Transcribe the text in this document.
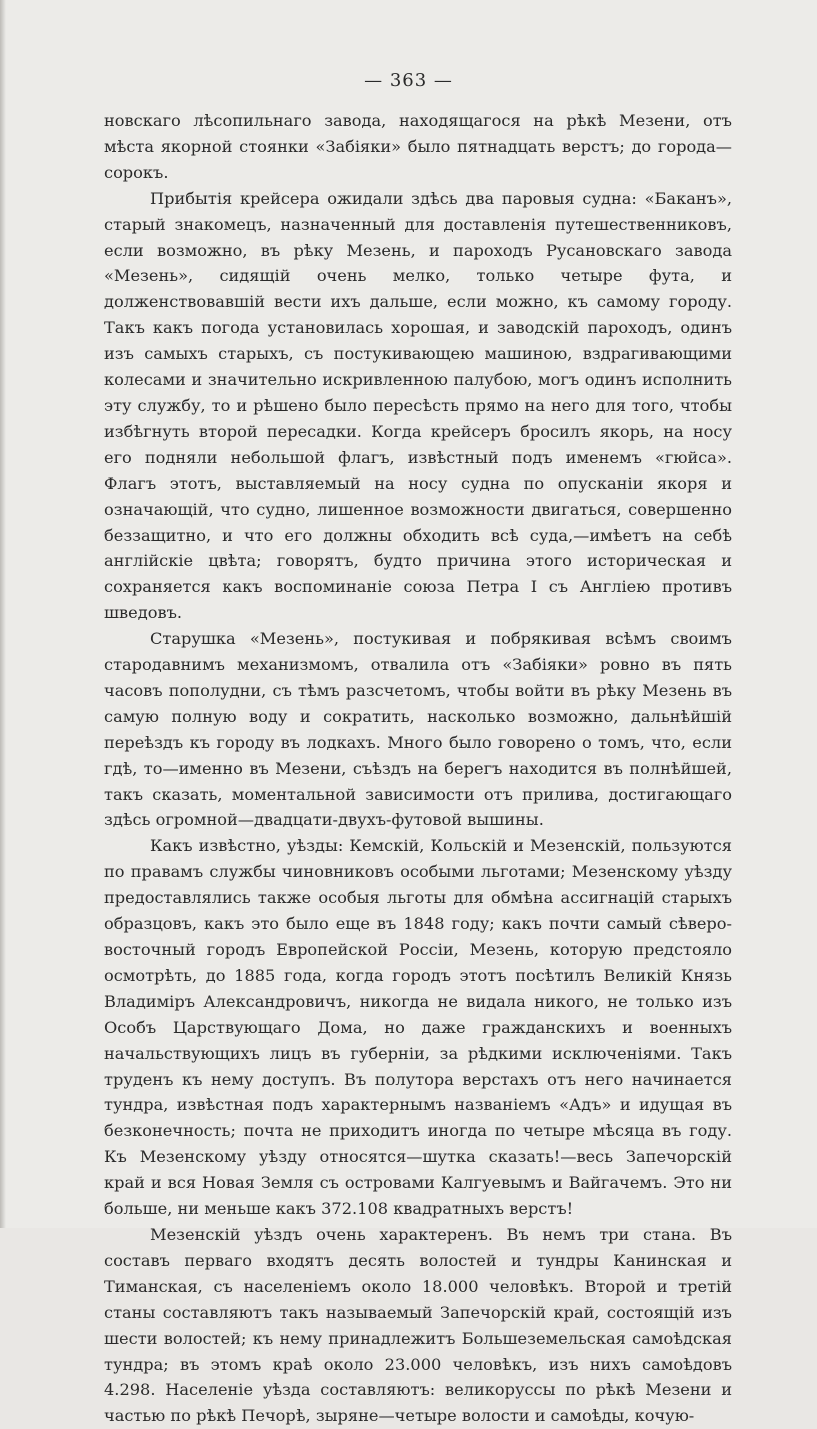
— 363 —

новскаго лѣсопильнаго завода, находящагося на рѣкѣ Мезени, отъ мѣста якорной стоянки «Забіяки» было пятнадцать верстъ; до города—сорокъ.

Прибытія крейсера ожидали здѣсь два паровыя судна: «Баканъ», старый знакомецъ, назначенный для доставленія путешественниковъ, если возможно, въ рѣку Мезень, и пароходъ Русановскаго завода «Мезень», сидящій очень мелко, только четыре фута, и долженствовавшій вести ихъ дальше, если можно, къ самому городу. Такъ какъ погода установилась хорошая, и заводскій пароходъ, одинъ изъ самыхъ старыхъ, съ постукивающею машиною, вздрагивающими колесами и значительно искривленною палубою, могъ одинъ исполнить эту службу, то и рѣшено было пересѣсть прямо на него для того, чтобы избѣгнуть второй пересадки. Когда крейсеръ бросилъ якорь, на носу его подняли небольшой флагъ, извѣстный подъ именемъ «гюйса». Флагъ этотъ, выставляемый на носу судна по опусканіи якоря и означающій, что судно, лишенное возможности двигаться, совершенно беззащитно, и что его должны обходить всѣ суда,—имѣетъ на себѣ англійскіе цвѣта; говорятъ, будто причина этого историческая и сохраняется какъ воспоминаніе союза Петра I съ Англіею противъ шведовъ.

Старушка «Мезень», постукивая и побрякивая всѣмъ своимъ стародавнимъ механизмомъ, отвалила отъ «Забіяки» ровно въ пять часовъ пополудни, съ тѣмъ разсчетомъ, чтобы войти въ рѣку Мезень въ самую полную воду и сократить, насколько возможно, дальнѣйшій переѣздъ къ городу въ лодкахъ. Много было говорено о томъ, что, если гдѣ, то—именно въ Мезени, съѣздъ на берегъ находится въ полнѣйшей, такъ сказать, моментальной зависимости отъ прилива, достигающаго здѣсь огромной—двадцати-двухъ-футовой вышины.

Какъ извѣстно, уѣзды: Кемскій, Кольскій и Мезенскій, пользуются по правамъ службы чиновниковъ особыми льготами; Мезенскому уѣзду предоставлялись также особыя льготы для обмѣна ассигнацій старыхъ образцовъ, какъ это было еще въ 1848 году; какъ почти самый сѣверо-восточный городъ Европейской Россіи, Мезень, которую предстояло осмотрѣть, до 1885 года, когда городъ этотъ посѣтилъ Великій Князь Владиміръ Александровичъ, никогда не видала никого, не только изъ Особъ Царствующаго Дома, но даже гражданскихъ и военныхъ начальствующихъ лицъ въ губерніи, за рѣдкими исключеніями. Такъ труденъ къ нему доступъ. Въ полутора верстахъ отъ него начинается тундра, извѣстная подъ характернымъ названіемъ «Адъ» и идущая въ безконечность; почта не приходитъ иногда по четыре мѣсяца въ году. Къ Мезенскому уѣзду относятся—шутка сказать!—весь Запечорскій край и вся Новая Земля съ островами Калгуевымъ и Вайгачемъ. Это ни больше, ни меньше какъ 372.108 квадратныхъ верстъ!

Мезенскій уѣздъ очень характеренъ. Въ немъ три стана. Въ составъ перваго входятъ десять волостей и тундры Канинская и Тиманская, съ населеніемъ около 18.000 человѣкъ. Второй и третій станы составляютъ такъ называемый Запечорскій край, состоящій изъ шести волостей; къ нему принадлежитъ Большеземельская самоѣдская тундра; въ этомъ краѣ около 23.000 человѣкъ, изъ нихъ самоѣдовъ 4.298. Населеніе уѣзда составляютъ: великоруссы по рѣкѣ Мезени и частью по рѣкѣ Печорѣ, зыряне—четыре волости и самоѣды, кочую-
